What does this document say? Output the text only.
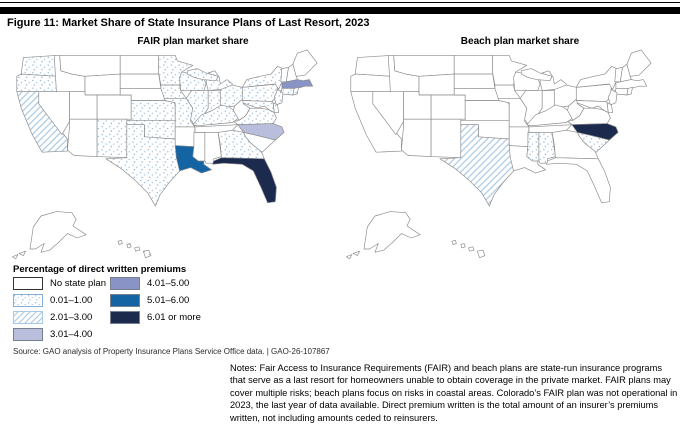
Figure 11: Market Share of State Insurance Plans of Last Resort, 2023
FAIR plan market share	Beach plan market share
Percentage of direct written premiums
No state plan
0.01–1.00
2.01–3.00
3.01–4.00
4.01–5.00
5.01–6.00
6.01 or more
Source: GAO analysis of Property Insurance Plans Service Office data. | GAO-26-107867
Notes: Fair Access to Insurance Requirements (FAIR) and beach plans are state-run insurance programs that serve as a last resort for homeowners unable to obtain coverage in the private market. FAIR plans may cover multiple risks; beach plans focus on risks in coastal areas. Colorado’s FAIR plan was not operational in 2023, the last year of data available. Direct premium written is the total amount of an insurer’s premiums written, not including amounts ceded to reinsurers.
